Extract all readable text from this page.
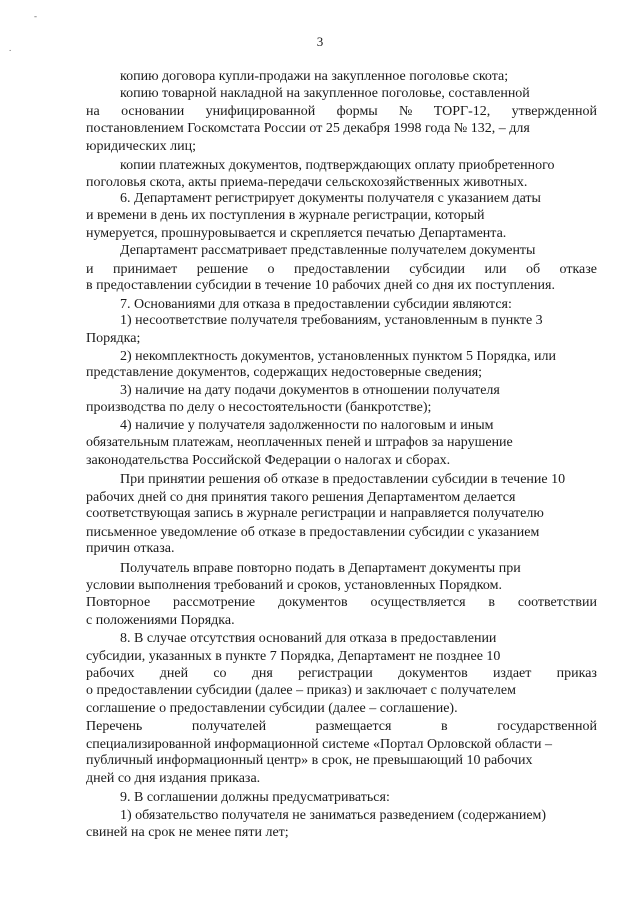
-
.	3
копию договора купли-продажи на закупленное поголовье скота;
копию товарной накладной на закупленное поголовье, составленной
на основании унифицированной формы № ТОРГ-12, утвержденной
постановлением Госкомстата России от 25 декабря 1998 года № 132, – для
юридических лиц;
копии платежных документов, подтверждающих оплату приобретенного
поголовья скота, акты приема-передачи сельскохозяйственных животных.
6. Департамент регистрирует документы получателя с указанием даты
и времени в день их поступления в журнале регистрации, который
нумеруется, прошнуровывается и скрепляется печатью Департамента.
Департамент рассматривает представленные получателем документы
и принимает решение о предоставлении субсидии или об отказе
в предоставлении субсидии в течение 10 рабочих дней со дня их поступления.
7. Основаниями для отказа в предоставлении субсидии являются:
1) несоответствие получателя требованиям, установленным в пункте 3
Порядка;
2) некомплектность документов, установленных пунктом 5 Порядка, или
представление документов, содержащих недостоверные сведения;
3) наличие на дату подачи документов в отношении получателя
производства по делу о несостоятельности (банкротстве);
4) наличие у получателя задолженности по налоговым и иным
обязательным платежам, неоплаченных пеней и штрафов за нарушение
законодательства Российской Федерации о налогах и сборах.
При принятии решения об отказе в предоставлении субсидии в течение 10
рабочих дней со дня принятия такого решения Департаментом делается
соответствующая запись в журнале регистрации и направляется получателю
письменное уведомление об отказе в предоставлении субсидии с указанием
причин отказа.
Получатель вправе повторно подать в Департамент документы при
условии выполнения требований и сроков, установленных Порядком.
Повторное рассмотрение документов осуществляется в соответствии
с положениями Порядка.
8. В случае отсутствия оснований для отказа в предоставлении
субсидии, указанных в пункте 7 Порядка, Департамент не позднее 10
рабочих дней со дня регистрации документов издает приказ
о предоставлении субсидии (далее – приказ) и заключает с получателем
соглашение о предоставлении субсидии (далее – соглашение).
Перечень	получателей	размещается	в	государственной
специализированной информационной системе «Портал Орловской области –
публичный информационный центр» в срок, не превышающий 10 рабочих
дней со дня издания приказа.
9. В соглашении должны предусматриваться:
1) обязательство получателя не заниматься разведением (содержанием)
свиней на срок не менее пяти лет;
